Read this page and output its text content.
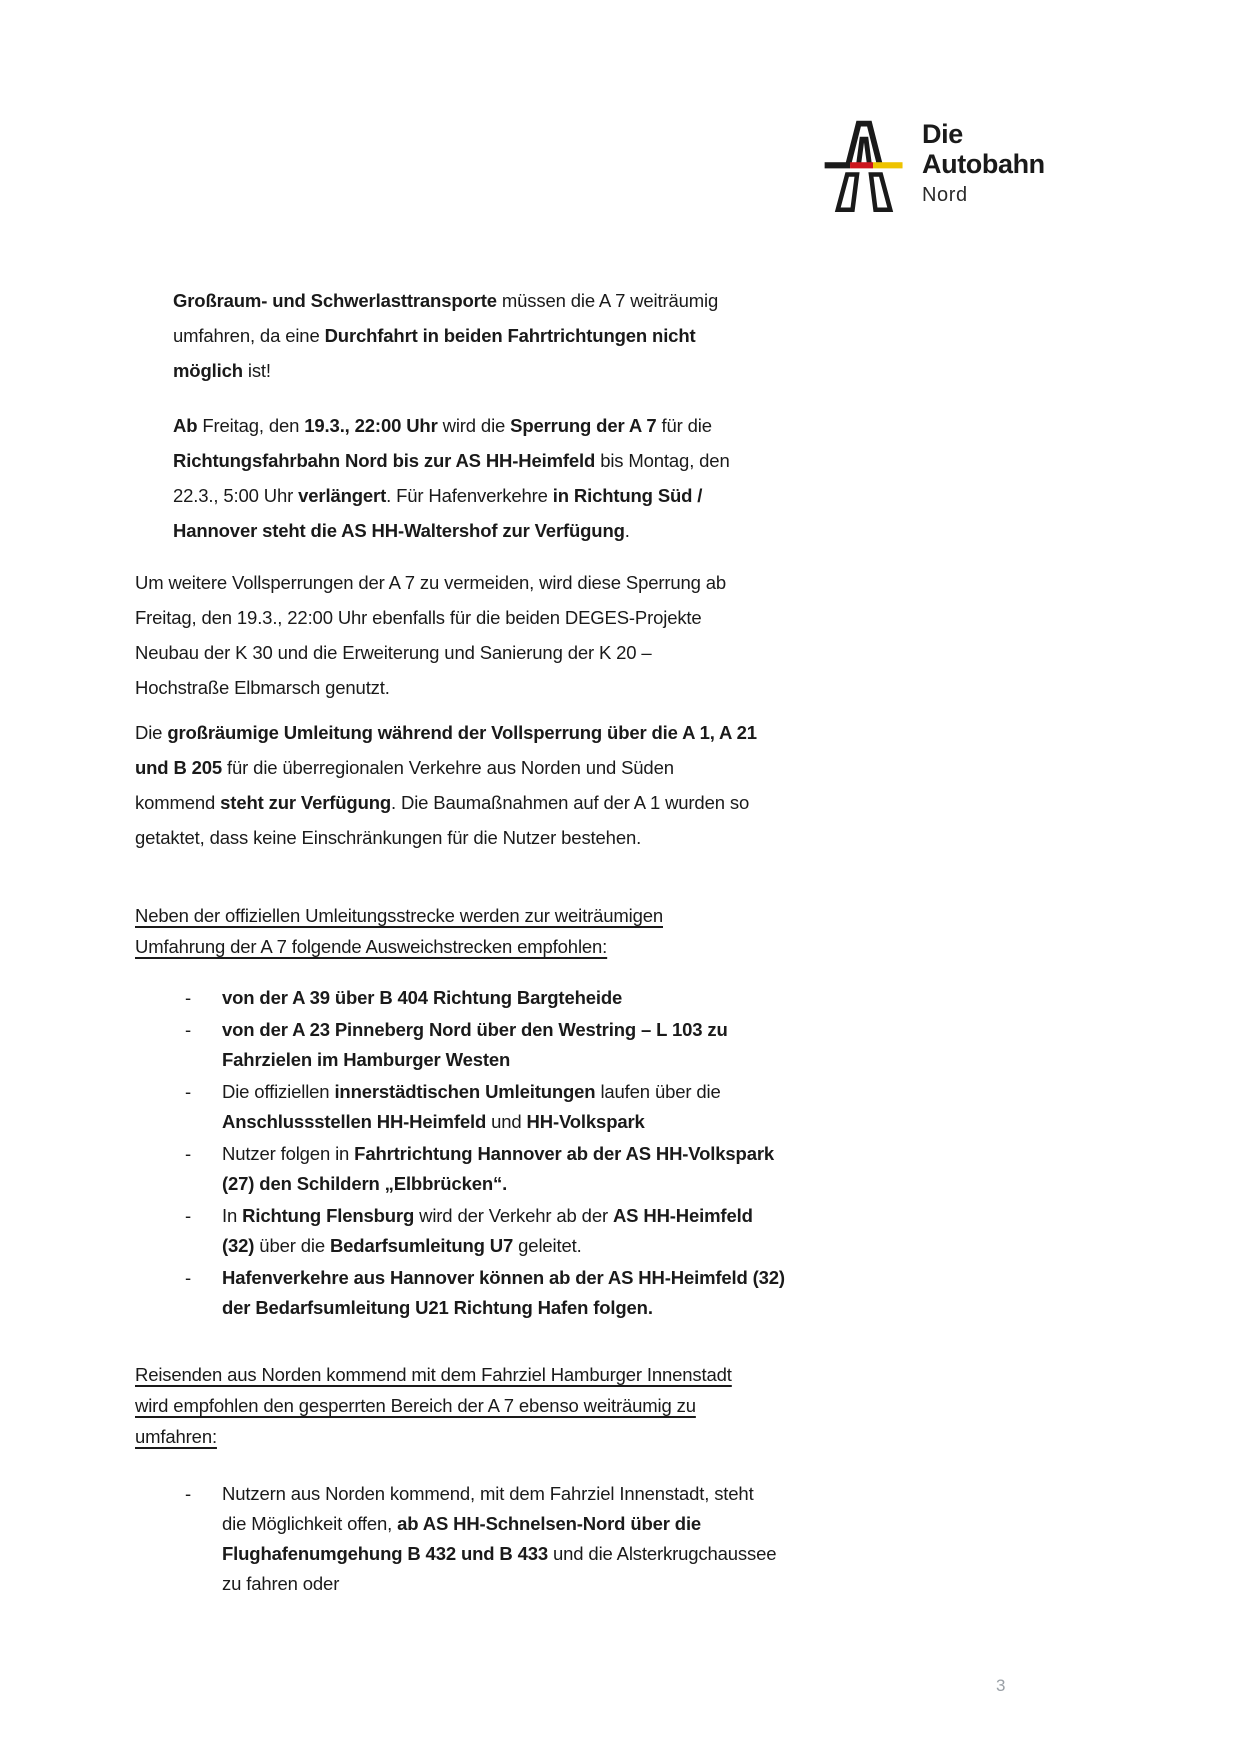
Die
Autobahn
Nord
Großraum- und Schwerlasttransporte müssen die A 7 weiträumig
umfahren, da eine Durchfahrt in beiden Fahrtrichtungen nicht
möglich ist!
Ab Freitag, den 19.3., 22:00 Uhr wird die Sperrung der A 7 für die
Richtungsfahrbahn Nord bis zur AS HH-Heimfeld bis Montag, den
22.3., 5:00 Uhr verlängert. Für Hafenverkehre in Richtung Süd /
Hannover steht die AS HH-Waltershof zur Verfügung.
Um weitere Vollsperrungen der A 7 zu vermeiden, wird diese Sperrung ab
Freitag, den 19.3., 22:00 Uhr ebenfalls für die beiden DEGES-Projekte
Neubau der K 30 und die Erweiterung und Sanierung der K 20 –
Hochstraße Elbmarsch genutzt.
Die großräumige Umleitung während der Vollsperrung über die A 1, A 21
und B 205 für die überregionalen Verkehre aus Norden und Süden
kommend steht zur Verfügung. Die Baumaßnahmen auf der A 1 wurden so
getaktet, dass keine Einschränkungen für die Nutzer bestehen.
Neben der offiziellen Umleitungsstrecke werden zur weiträumigen
Umfahrung der A 7 folgende Ausweichstrecken empfohlen:
-	von der A 39 über B 404 Richtung Bargteheide
-	von der A 23 Pinneberg Nord über den Westring – L 103 zu
Fahrzielen im Hamburger Westen
-	Die offiziellen innerstädtischen Umleitungen laufen über die
Anschlussstellen HH-Heimfeld und HH-Volkspark
-	Nutzer folgen in Fahrtrichtung Hannover ab der AS HH-Volkspark
(27) den Schildern „Elbbrücken“.
-	In Richtung Flensburg wird der Verkehr ab der AS HH-Heimfeld
(32) über die Bedarfsumleitung U7 geleitet.
-	Hafenverkehre aus Hannover können ab der AS HH-Heimfeld (32)
der Bedarfsumleitung U21 Richtung Hafen folgen.
Reisenden aus Norden kommend mit dem Fahrziel Hamburger Innenstadt
wird empfohlen den gesperrten Bereich der A 7 ebenso weiträumig zu
umfahren:
-	Nutzern aus Norden kommend, mit dem Fahrziel Innenstadt, steht
die Möglichkeit offen, ab AS HH-Schnelsen-Nord über die
Flughafenumgehung B 432 und B 433 und die Alsterkrugchaussee
zu fahren oder
3
